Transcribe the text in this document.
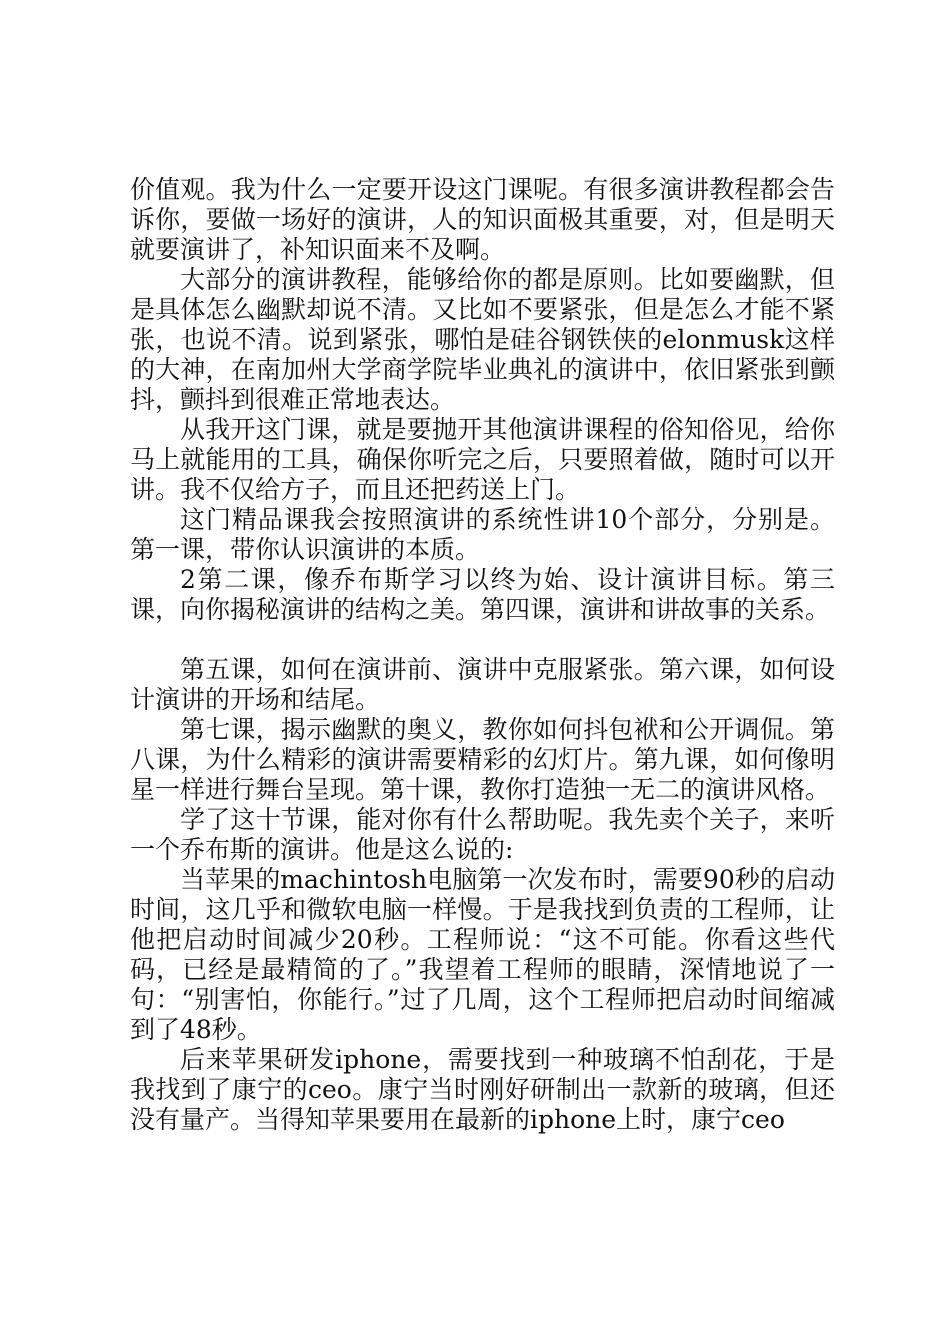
价值观。我为什么一定要开设这门课呢。有很多演讲教程都会告诉你，要做一场好的演讲，人的知识面极其重要，对，但是明天就要演讲了，补知识面来不及啊。

大部分的演讲教程，能够给你的都是原则。比如要幽默，但是具体怎么幽默却说不清。又比如不要紧张，但是怎么才能不紧张，也说不清。说到紧张，哪怕是硅谷钢铁侠的elonmusk这样的大神，在南加州大学商学院毕业典礼的演讲中，依旧紧张到颤抖，颤抖到很难正常地表达。

从我开这门课，就是要抛开其他演讲课程的俗知俗见，给你马上就能用的工具，确保你听完之后，只要照着做，随时可以开讲。我不仅给方子，而且还把药送上门。

这门精品课我会按照演讲的系统性讲10个部分，分别是。第一课，带你认识演讲的本质。

2第二课，像乔布斯学习以终为始、设计演讲目标。第三课，向你揭秘演讲的结构之美。第四课，演讲和讲故事的关系。

第五课，如何在演讲前、演讲中克服紧张。第六课，如何设计演讲的开场和结尾。

第七课，揭示幽默的奥义，教你如何抖包袱和公开调侃。第八课，为什么精彩的演讲需要精彩的幻灯片。第九课，如何像明星一样进行舞台呈现。第十课，教你打造独一无二的演讲风格。

学了这十节课，能对你有什么帮助呢。我先卖个关子，来听一个乔布斯的演讲。他是这么说的:

当苹果的machintosh电脑第一次发布时，需要90秒的启动时间，这几乎和微软电脑一样慢。于是我找到负责的工程师，让他把启动时间减少20秒。工程师说：“这不可能。你看这些代码，已经是最精简的了。”我望着工程师的眼睛，深情地说了一句：“别害怕，你能行。”过了几周，这个工程师把启动时间缩减到了48秒。

后来苹果研发iphone，需要找到一种玻璃不怕刮花，于是我找到了康宁的ceo。康宁当时刚好研制出一款新的玻璃，但还没有量产。当得知苹果要用在最新的iphone上时，康宁ceo
